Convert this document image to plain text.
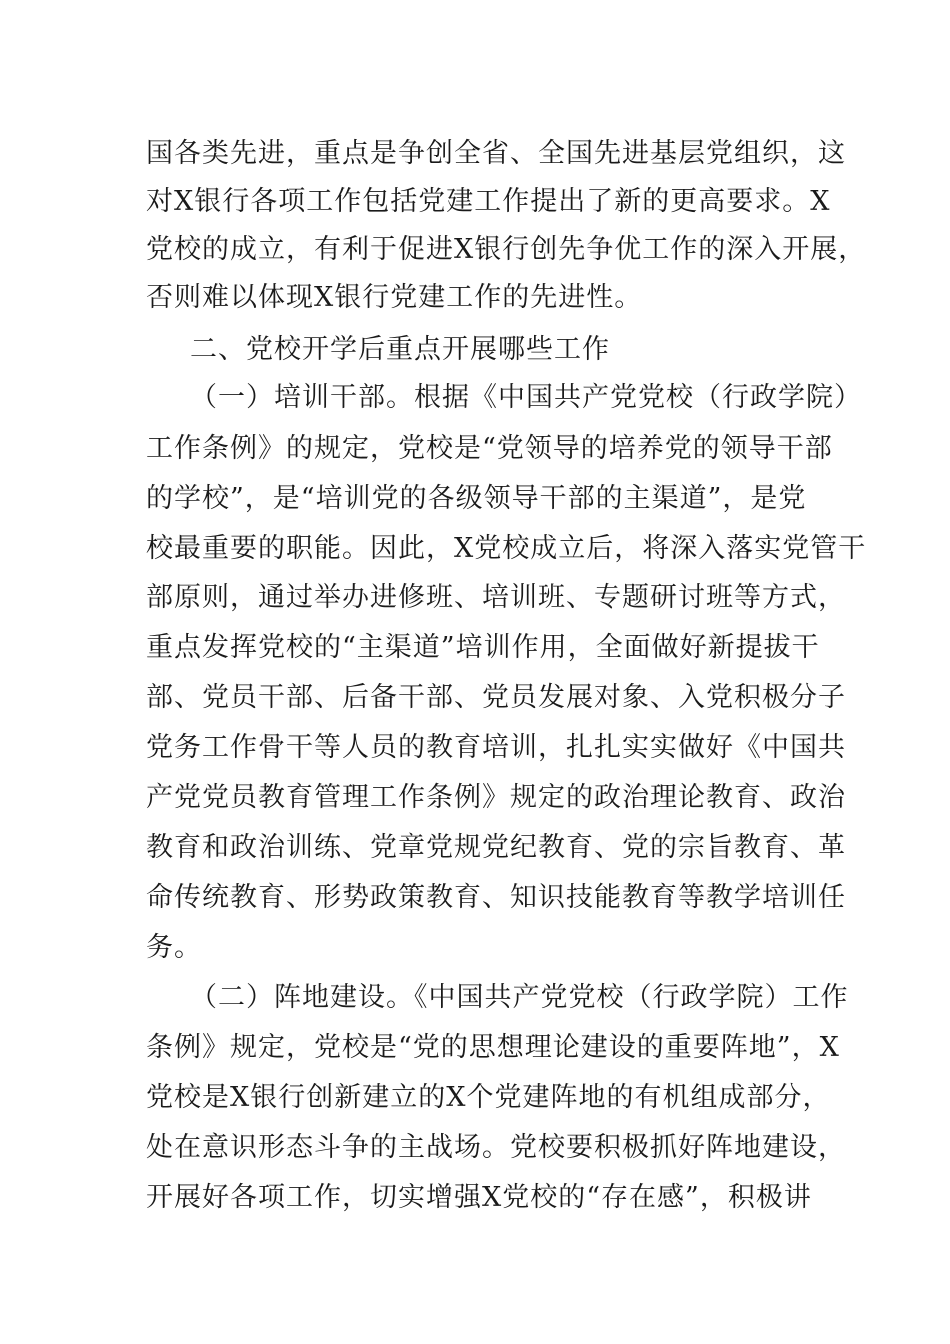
国各类先进，重点是争创全省、全国先进基层党组织，这
对X银行各项工作包括党建工作提出了新的更高要求。X
党校的成立，有利于促进X银行创先争优工作的深入开展，
否则难以体现X银行党建工作的先进性。
二、党校开学后重点开展哪些工作
（一）培训干部。根据《中国共产党党校（行政学院）
工作条例》的规定，党校是“党领导的培养党的领导干部
的学校”，是“培训党的各级领导干部的主渠道”，是党
校最重要的职能。因此，X党校成立后，将深入落实党管干
部原则，通过举办进修班、培训班、专题研讨班等方式，
重点发挥党校的“主渠道”培训作用，全面做好新提拔干
部、党员干部、后备干部、党员发展对象、入党积极分子
党务工作骨干等人员的教育培训，扎扎实实做好《中国共
产党党员教育管理工作条例》规定的政治理论教育、政治
教育和政治训练、党章党规党纪教育、党的宗旨教育、革
命传统教育、形势政策教育、知识技能教育等教学培训任
务。
（二）阵地建设。《中国共产党党校（行政学院）工作
条例》规定，党校是“党的思想理论建设的重要阵地”，X
党校是X银行创新建立的X个党建阵地的有机组成部分，
处在意识形态斗争的主战场。党校要积极抓好阵地建设，
开展好各项工作，切实增强X党校的“存在感”，积极讲
